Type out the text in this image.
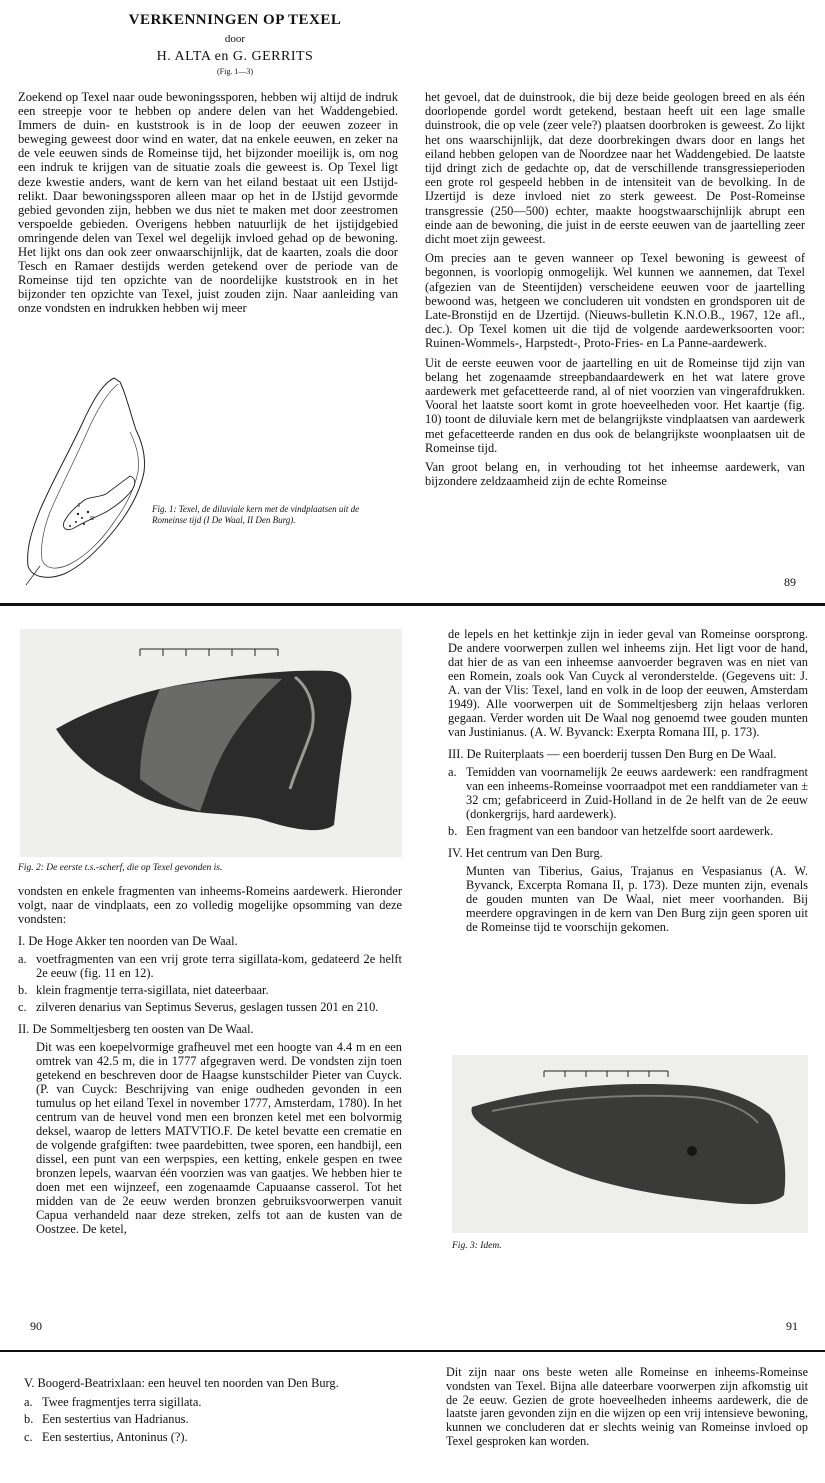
VERKENNINGEN OP TEXEL
door
H. ALTA en G. GERRITS
(Fig. 1—3)

Zoekend op Texel naar oude bewoningssporen, hebben wij altijd de indruk een streepje voor te hebben op andere delen van het Waddengebied. Immers de duin- en kuststrook is in de loop der eeuwen zozeer in beweging geweest door wind en water, dat na enkele eeuwen, en zeker na de vele eeuwen sinds de Romeinse tijd, het bijzonder moeilijk is, om nog een indruk te krijgen van de situatie zoals die geweest is. Op Texel ligt deze kwestie anders, want de kern van het eiland bestaat uit een IJstijd-relikt. Daar bewoningssporen alleen maar op het in de IJstijd gevormde gebied gevonden zijn, hebben we dus niet te maken met door zeestromen verspoelde gebieden. Overigens hebben natuurlijk de het ijstijdgebied omringende delen van Texel wel degelijk invloed gehad op de bewoning. Het lijkt ons dan ook zeer onwaarschijnlijk, dat de kaarten, zoals die door Tesch en Ramaer destijds werden getekend over de periode van de Romeinse tijd ten opzichte van de noordelijke kuststrook en in het bijzonder ten opzichte van Texel, juist zouden zijn. Naar aanleiding van onze vondsten en indrukken hebben wij meer

I
II
Fig. 1: Texel, de diluviale kern met de vindplaatsen uit de Romeinse tijd (I De Waal, II Den Burg).

het gevoel, dat de duinstrook, die bij deze beide geologen breed en als één doorlopende gordel wordt getekend, bestaan heeft uit een lage smalle duinstrook, die op vele (zeer vele?) plaatsen doorbroken is geweest. Zo lijkt het ons waarschijnlijk, dat deze doorbrekingen dwars door en langs het eiland hebben gelopen van de Noordzee naar het Waddengebied. De laatste tijd dringt zich de gedachte op, dat de verschillende transgressieperioden een grote rol gespeeld hebben in de intensiteit van de bevolking. In de IJzertijd is deze invloed niet zo sterk geweest. De Post-Romeinse transgressie (250—500) echter, maakte hoogstwaarschijnlijk abrupt een einde aan de bewoning, die juist in de eerste eeuwen van de jaartelling zeer dicht moet zijn geweest.

Om precies aan te geven wanneer op Texel bewoning is geweest of begonnen, is voorlopig onmogelijk. Wel kunnen we aannemen, dat Texel (afgezien van de Steentijden) verscheidene eeuwen voor de jaartelling bewoond was, hetgeen we concluderen uit vondsten en grondsporen uit de Late-Bronstijd en de IJzertijd. (Nieuws-bulletin K.N.O.B., 1967, 12e afl., dec.). Op Texel komen uit die tijd de volgende aardewerksoorten voor: Ruinen-Wommels-, Harpstedt-, Proto-Fries- en La Panne-aardewerk.

Uit de eerste eeuwen voor de jaartelling en uit de Romeinse tijd zijn van belang het zogenaamde streepbandaardewerk en het wat latere grove aardewerk met gefacetteerde rand, al of niet voorzien van vingerafdrukken. Vooral het laatste soort komt in grote hoeveelheden voor. Het kaartje (fig. 10) toont de diluviale kern met de belangrijkste vindplaatsen van aardewerk met gefacetteerde randen en dus ook de belangrijkste woonplaatsen uit de Romeinse tijd.

Van groot belang en, in verhouding tot het inheemse aardewerk, van bijzondere zeldzaamheid zijn de echte Romeinse

89
Fig. 2: De eerste t.s.-scherf, die op Texel gevonden is.

vondsten en enkele fragmenten van inheems-Romeins aardewerk. Hieronder volgt, naar de vindplaats, een zo volledig mogelijke opsomming van deze vondsten:

I. De Hoge Akker ten noorden van De Waal.
a. voetfragmenten van een vrij grote terra sigillata-kom, gedateerd 2e helft 2e eeuw (fig. 11 en 12).
b. klein fragmentje terra-sigillata, niet dateerbaar.
c. zilveren denarius van Septimus Severus, geslagen tussen 201 en 210.
II. De Sommeltjesberg ten oosten van De Waal.

Dit was een koepelvormige grafheuvel met een hoogte van 4.4 m en een omtrek van 42.5 m, die in 1777 afgegraven werd. De vondsten zijn toen getekend en beschreven door de Haagse kunstschilder Pieter van Cuyck. (P. van Cuyck: Beschrijving van enige oudheden gevonden in een tumulus op het eiland Texel in november 1777, Amsterdam, 1780). In het centrum van de heuvel vond men een bronzen ketel met een bolvormig deksel, waarop de letters MATVTIO.F. De ketel bevatte een crematie en de volgende grafgiften: twee paardebitten, twee sporen, een handbijl, een dissel, een punt van een werpspies, een ketting, enkele gespen en twee bronzen lepels, waarvan één voorzien was van gaatjes. We hebben hier te doen met een wijnzeef, een zogenaamde Capuaanse casserol. Tot het midden van de 2e eeuw werden bronzen gebruiksvoorwerpen vanuit Capua verhandeld naar deze streken, zelfs tot aan de kusten van de Oostzee. De ketel,

90

de lepels en het kettinkje zijn in ieder geval van Romeinse oorsprong. De andere voorwerpen zullen wel inheems zijn. Het ligt voor de hand, dat hier de as van een inheemse aanvoerder begraven was en niet van een Romein, zoals ook Van Cuyck al veronderstelde. (Gegevens uit: J. A. van der Vlis: Texel, land en volk in de loop der eeuwen, Amsterdam 1949). Alle voorwerpen uit de Sommeltjesberg zijn helaas verloren gegaan. Verder worden uit De Waal nog genoemd twee gouden munten van Justinianus. (A. W. Byvanck: Exerpta Romana III, p. 173).

III. De Ruiterplaats — een boerderij tussen Den Burg en De Waal.
a. Temidden van voornamelijk 2e eeuws aardewerk: een randfragment van een inheems-Romeinse voorraadpot met een randdiameter van ± 32 cm; gefabriceerd in Zuid-Holland in de 2e helft van de 2e eeuw (donkergrijs, hard aardewerk).
b. Een fragment van een bandoor van hetzelfde soort aardewerk.
IV. Het centrum van Den Burg.

Munten van Tiberius, Gaius, Trajanus en Vespasianus (A. W. Byvanck, Excerpta Romana II, p. 173). Deze munten zijn, evenals de gouden munten van De Waal, niet meer voorhanden. Bij meerdere opgravingen in de kern van Den Burg zijn geen sporen uit de Romeinse tijd te voorschijn gekomen.

Fig. 3: Idem.
91
V. Boogerd-Beatrixlaan: een heuvel ten noorden van Den Burg.
a. Twee fragmentjes terra sigillata.
b. Een sestertius van Hadrianus.
c. Een sestertius, Antoninus (?).

Dit zijn naar ons beste weten alle Romeinse en inheems-Romeinse vondsten van Texel. Bijna alle dateerbare voorwerpen zijn afkomstig uit de 2e eeuw. Gezien de grote hoeveelheden inheems aardewerk, die de laatste jaren gevonden zijn en die wijzen op een vrij intensieve bewoning, kunnen we concluderen dat er slechts weinig van Romeinse invloed op Texel gesproken kan worden.
